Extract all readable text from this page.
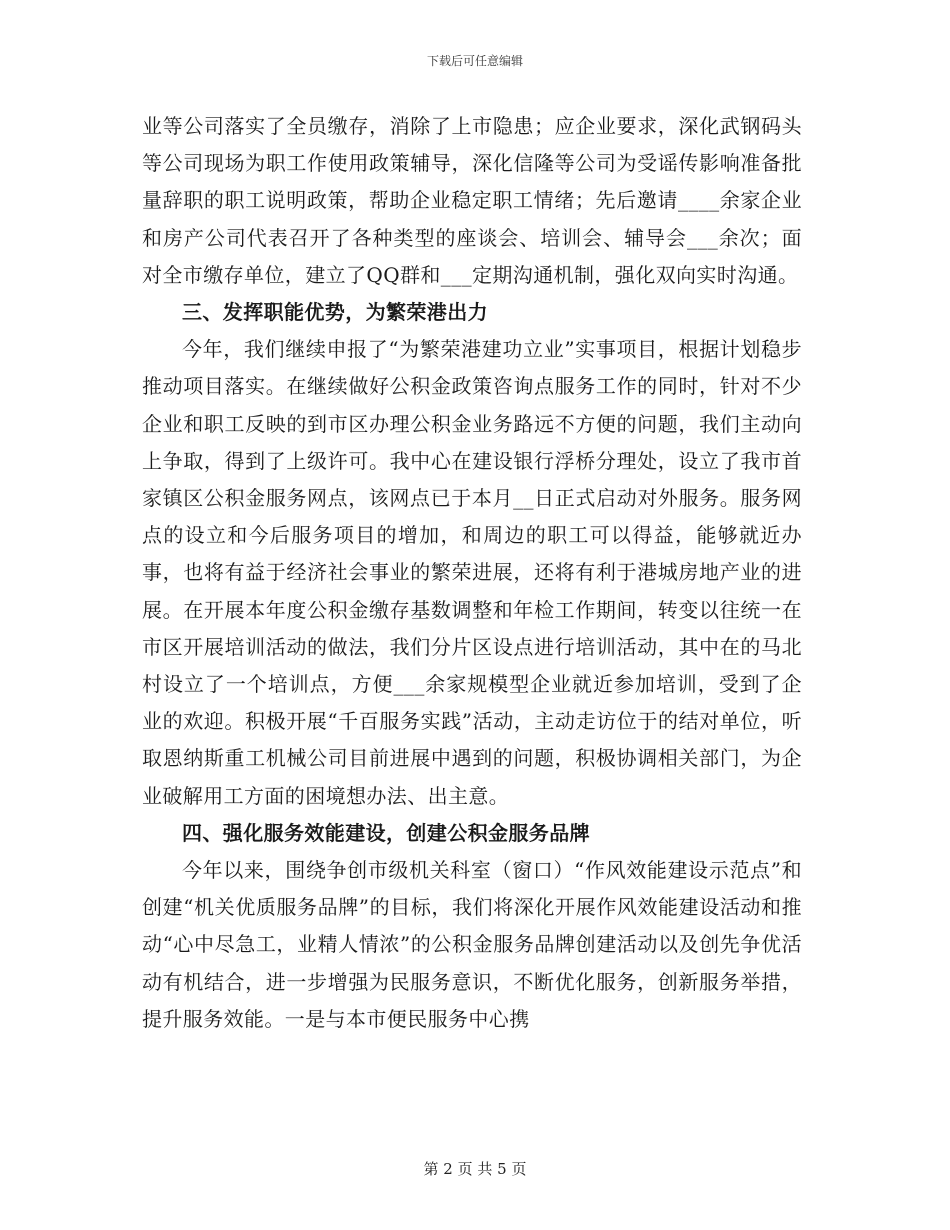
下载后可任意编辑

业等公司落实了全员缴存，消除了上市隐患；应企业要求，深化武钢码头等公司现场为职工作使用政策辅导，深化信隆等公司为受谣传影响准备批量辞职的职工说明政策，帮助企业稳定职工情绪；先后邀请____余家企业和房产公司代表召开了各种类型的座谈会、培训会、辅导会___余次；面对全市缴存单位，建立了QQ群和___定期沟通机制，强化双向实时沟通。

三、发挥职能优势，为繁荣港出力

今年，我们继续申报了“为繁荣港建功立业”实事项目，根据计划稳步推动项目落实。在继续做好公积金政策咨询点服务工作的同时，针对不少企业和职工反映的到市区办理公积金业务路远不方便的问题，我们主动向上争取，得到了上级许可。我中心在建设银行浮桥分理处，设立了我市首家镇区公积金服务网点，该网点已于本月__日正式启动对外服务。服务网点的设立和今后服务项目的增加，和周边的职工可以得益，能够就近办事，也将有益于经济社会事业的繁荣进展，还将有利于港城房地产业的进展。在开展本年度公积金缴存基数调整和年检工作期间，转变以往统一在市区开展培训活动的做法，我们分片区设点进行培训活动，其中在的马北村设立了一个培训点，方便___余家规模型企业就近参加培训，受到了企业的欢迎。积极开展“千百服务实践”活动，主动走访位于的结对单位，听取恩纳斯重工机械公司目前进展中遇到的问题，积极协调相关部门，为企业破解用工方面的困境想办法、出主意。

四、强化服务效能建设，创建公积金服务品牌

今年以来，围绕争创市级机关科室（窗口）“作风效能建设示范点”和创建“机关优质服务品牌”的目标，我们将深化开展作风效能建设活动和推动“心中尽急工，业精人情浓”的公积金服务品牌创建活动以及创先争优活动有机结合，进一步增强为民服务意识，不断优化服务，创新服务举措，提升服务效能。一是与本市便民服务中心携

第 2 页 共 5 页
